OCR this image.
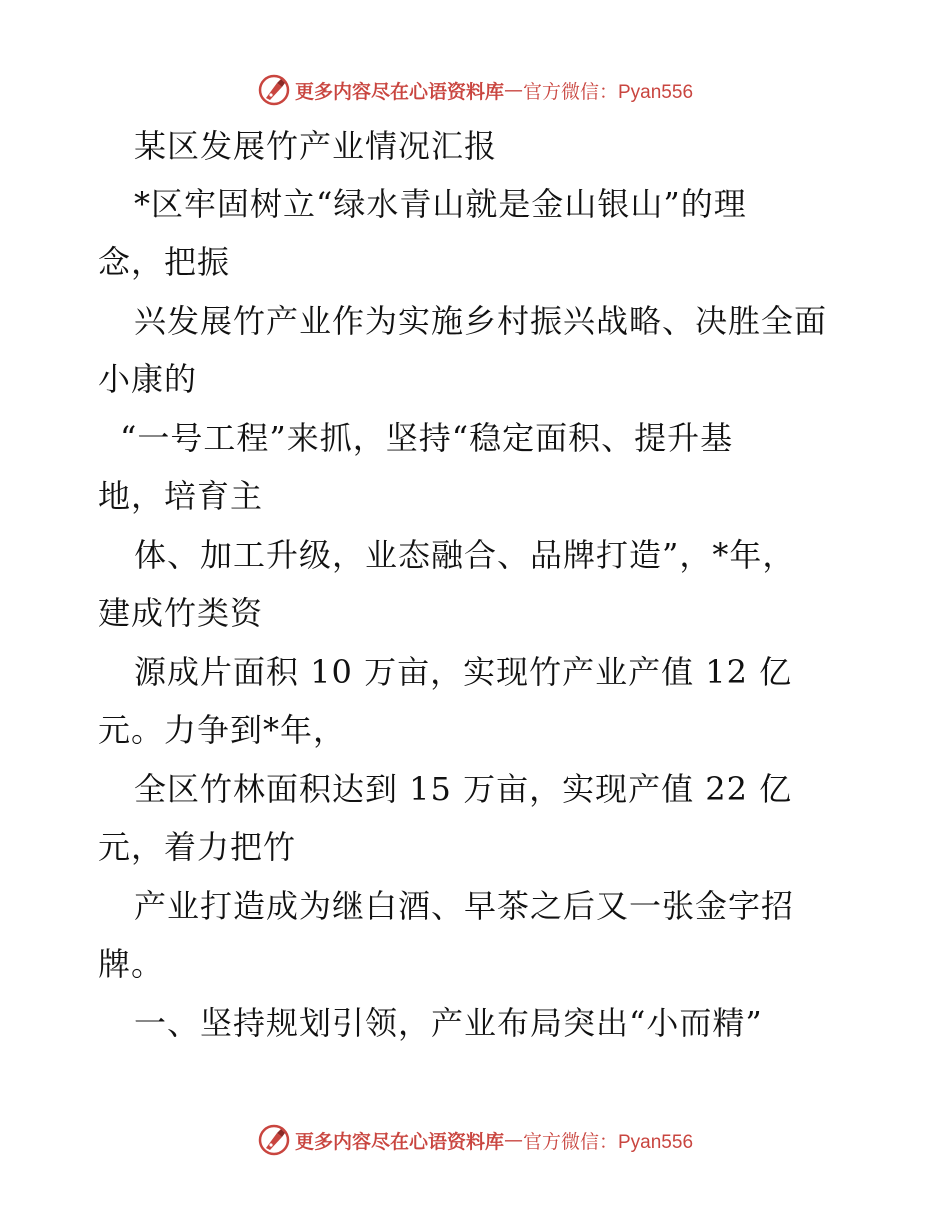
更多内容尽在心语资料库 — 官方微信：Pyan556
某区发展竹产业情况汇报
*区牢固树立“绿水青山就是金山银山”的理
念，把振
兴发展竹产业作为实施乡村振兴战略、决胜全面
小康的
“一号工程”来抓，坚持“稳定面积、提升基
地，培育主
体、加工升级，业态融合、品牌打造”，*年，
建成竹类资
源成片面积 10 万亩，实现竹产业产值 12 亿
元。力争到*年，
全区竹林面积达到 15 万亩，实现产值 22 亿
元，着力把竹
产业打造成为继白酒、早茶之后又一张金字招
牌。
一、坚持规划引领，产业布局突出“小而精”
更多内容尽在心语资料库 — 官方微信：Pyan556
